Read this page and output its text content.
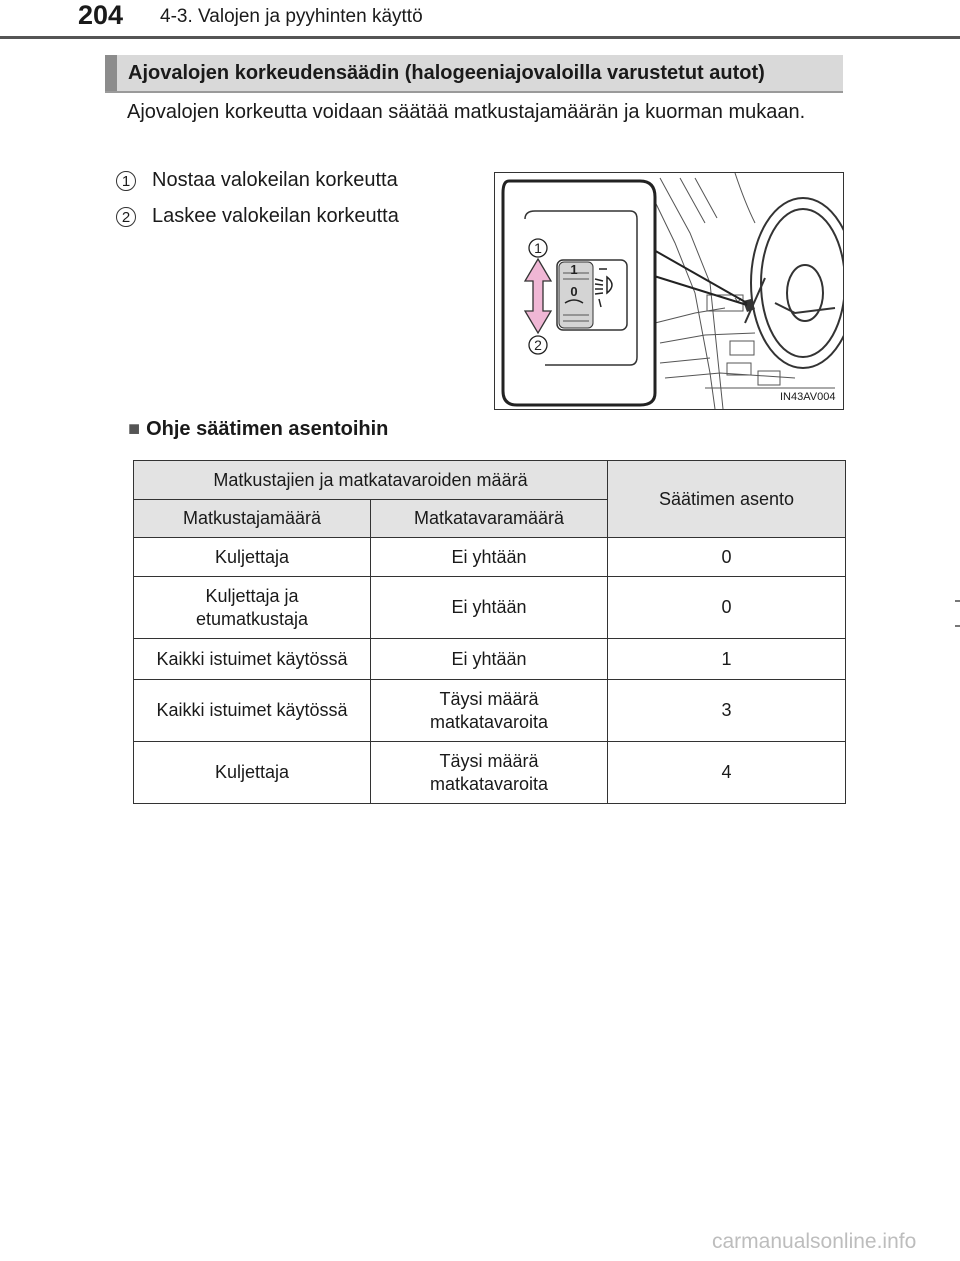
204 4-3. Valojen ja pyyhinten käyttö
Ajovalojen korkeudensäädin (halogeeniajovaloilla varustetut autot)
Ajovalojen korkeutta voidaan säätää matkustajamäärän ja kuorman mukaan.
1 Nostaa valokeilan korkeutta
2 Laskee valokeilan korkeutta
1
0
1
2
IN43AV004
■ Ohje säätimen asentoihin
Matkustajien ja matkatavaroiden määrä		Säätimen asento
Matkustajamäärä	Matkatavaramäärä	
Kuljettaja	Ei yhtään	0
Kuljettaja ja etumatkustaja	Ei yhtään	0
Kaikki istuimet käytössä	Ei yhtään	1
Kaikki istuimet käytössä	Täysi määrä matkatavaroita	3
Kuljettaja	Täysi määrä matkatavaroita	4
carmanualsonline.info
